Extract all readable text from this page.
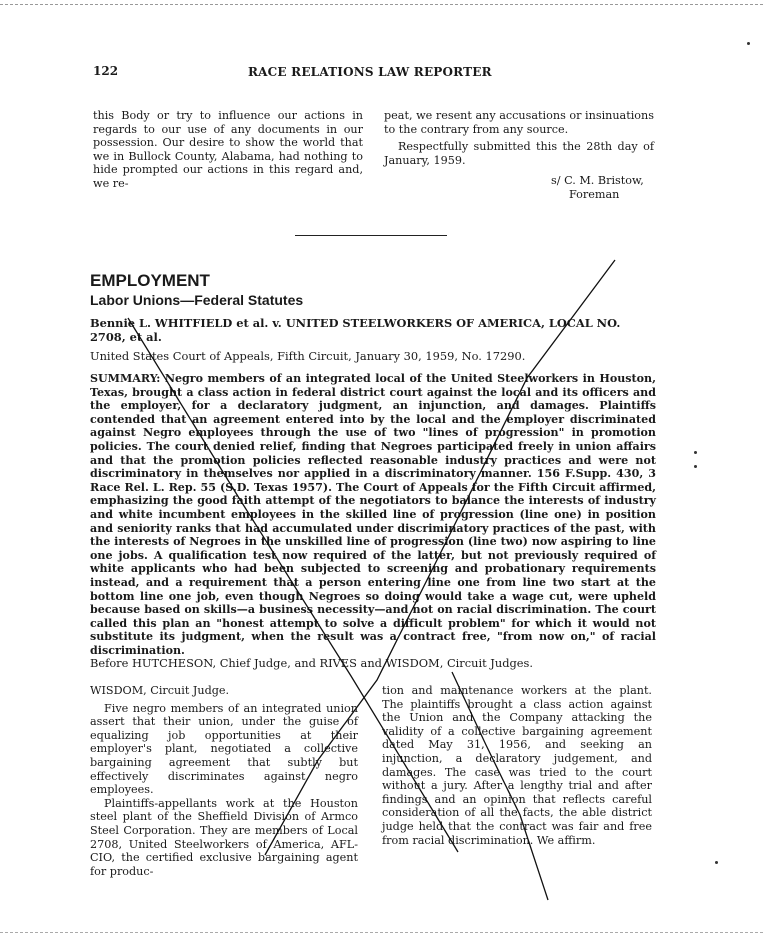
122	RACE RELATIONS LAW REPORTER

this Body or try to influence our actions in regards to our use of any documents in our possession. Our desire to show the world that we in Bullock County, Alabama, had nothing to hide prompted our actions in this regard and, we re-

peat, we resent any accusations or insinuations to the contrary from any source.

Respectfully submitted this the 28th day of January, 1959.

s/ C. M. Bristow,
Foreman
EMPLOYMENT
Labor Unions—Federal Statutes
Bennie L. WHITFIELD et al. v. UNITED STEELWORKERS OF AMERICA, LOCAL NO. 2708, et al.
United States Court of Appeals, Fifth Circuit, January 30, 1959, No. 17290.
SUMMARY: Negro members of an integrated local of the United Steelworkers in Houston, Texas, brought a class action in federal district court against the local and its officers and the employer, for a declaratory judgment, an injunction, and damages. Plaintiffs contended that an agreement entered into by the local and the employer discriminated against Negro employees through the use of two "lines of progression" in promotion policies. The court denied relief, finding that Negroes participated freely in union affairs and that the promotion policies reflected reasonable industry practices and were not discriminatory in themselves nor applied in a discriminatory manner. 156 F.Supp. 430, 3 Race Rel. L. Rep. 55 (S.D. Texas 1957). The Court of Appeals for the Fifth Circuit affirmed, emphasizing the good faith attempt of the negotiators to balance the interests of industry and white incumbent employees in the skilled line of progression (line one) in position and seniority ranks that had accumulated under discriminatory practices of the past, with the interests of Negroes in the unskilled line of progression (line two) now aspiring to line one jobs. A qualification test now required of the latter, but not previously required of white applicants who had been subjected to screening and probationary requirements instead, and a requirement that a person entering line one from line two start at the bottom line one job, even though Negroes so doing would take a wage cut, were upheld because based on skills—a business necessity—and not on racial discrimination. The court called this plan an "honest attempt to solve a difficult problem" for which it would not substitute its judgment, when the result was a contract free, "from now on," of racial discrimination.
Before HUTCHESON, Chief Judge, and RIVES and WISDOM, Circuit Judges.

WISDOM, Circuit Judge.

Five negro members of an integrated union assert that their union, under the guise of equalizing job opportunities at their employer's plant, negotiated a collective bargaining agreement that subtly but effectively discriminates against negro employees.

Plaintiffs-appellants work at the Houston steel plant of the Sheffield Division of Armco Steel Corporation. They are members of Local 2708, United Steelworkers of America, AFL-CIO, the certified exclusive bargaining agent for produc-

tion and maintenance workers at the plant. The plaintiffs brought a class action against the Union and the Company attacking the validity of a collective bargaining agreement dated May 31, 1956, and seeking an injunction, a declaratory judgement, and damages. The case was tried to the court without a jury. After a lengthy trial and after findings and an opinion that reflects careful consideration of all the facts, the able district judge held that the contract was fair and free from racial discrimination. We affirm.
